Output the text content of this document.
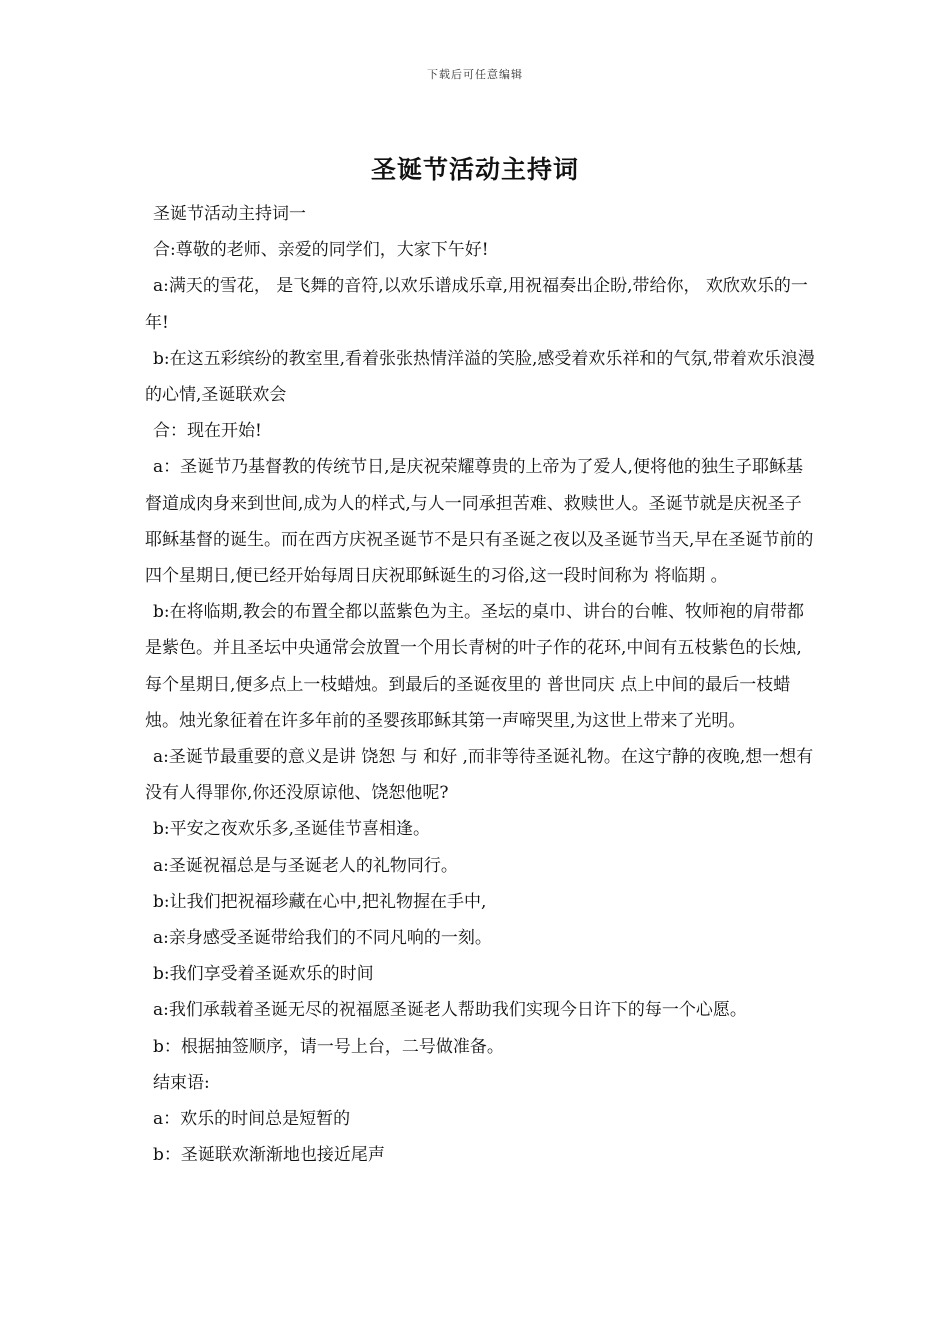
下载后可任意编辑
圣诞节活动主持词

圣诞节活动主持词一

合:尊敬的老师、亲爱的同学们，大家下午好!

a:满天的雪花， 是飞舞的音符,以欢乐谱成乐章,用祝福奏出企盼,带给你， 欢欣欢乐的一年!

b:在这五彩缤纷的教室里,看着张张热情洋溢的笑脸,感受着欢乐祥和的气氛,带着欢乐浪漫的心情,圣诞联欢会

合：现在开始!

a：圣诞节乃基督教的传统节日,是庆祝荣耀尊贵的上帝为了爱人,便将他的独生子耶稣基督道成肉身来到世间,成为人的样式,与人一同承担苦难、救赎世人。圣诞节就是庆祝圣子耶稣基督的诞生。而在西方庆祝圣诞节不是只有圣诞之夜以及圣诞节当天,早在圣诞节前的四个星期日,便已经开始每周日庆祝耶稣诞生的习俗,这一段时间称为 将临期 。

b:在将临期,教会的布置全都以蓝紫色为主。圣坛的桌巾、讲台的台帷、牧师袍的肩带都是紫色。并且圣坛中央通常会放置一个用长青树的叶子作的花环,中间有五枝紫色的长烛,每个星期日,便多点上一枝蜡烛。到最后的圣诞夜里的 普世同庆 点上中间的最后一枝蜡烛。烛光象征着在许多年前的圣婴孩耶稣其第一声啼哭里,为这世上带来了光明。

a:圣诞节最重要的意义是讲 饶恕 与 和好 ,而非等待圣诞礼物。在这宁静的夜晚,想一想有没有人得罪你,你还没原谅他、饶恕他呢?

b:平安之夜欢乐多,圣诞佳节喜相逢。

a:圣诞祝福总是与圣诞老人的礼物同行。

b:让我们把祝福珍藏在心中,把礼物握在手中,

a:亲身感受圣诞带给我们的不同凡响的一刻。

b:我们享受着圣诞欢乐的时间

a:我们承载着圣诞无尽的祝福愿圣诞老人帮助我们实现今日许下的每一个心愿。

b：根据抽签顺序，请一号上台，二号做准备。

结束语:

a：欢乐的时间总是短暂的

b：圣诞联欢渐渐地也接近尾声
